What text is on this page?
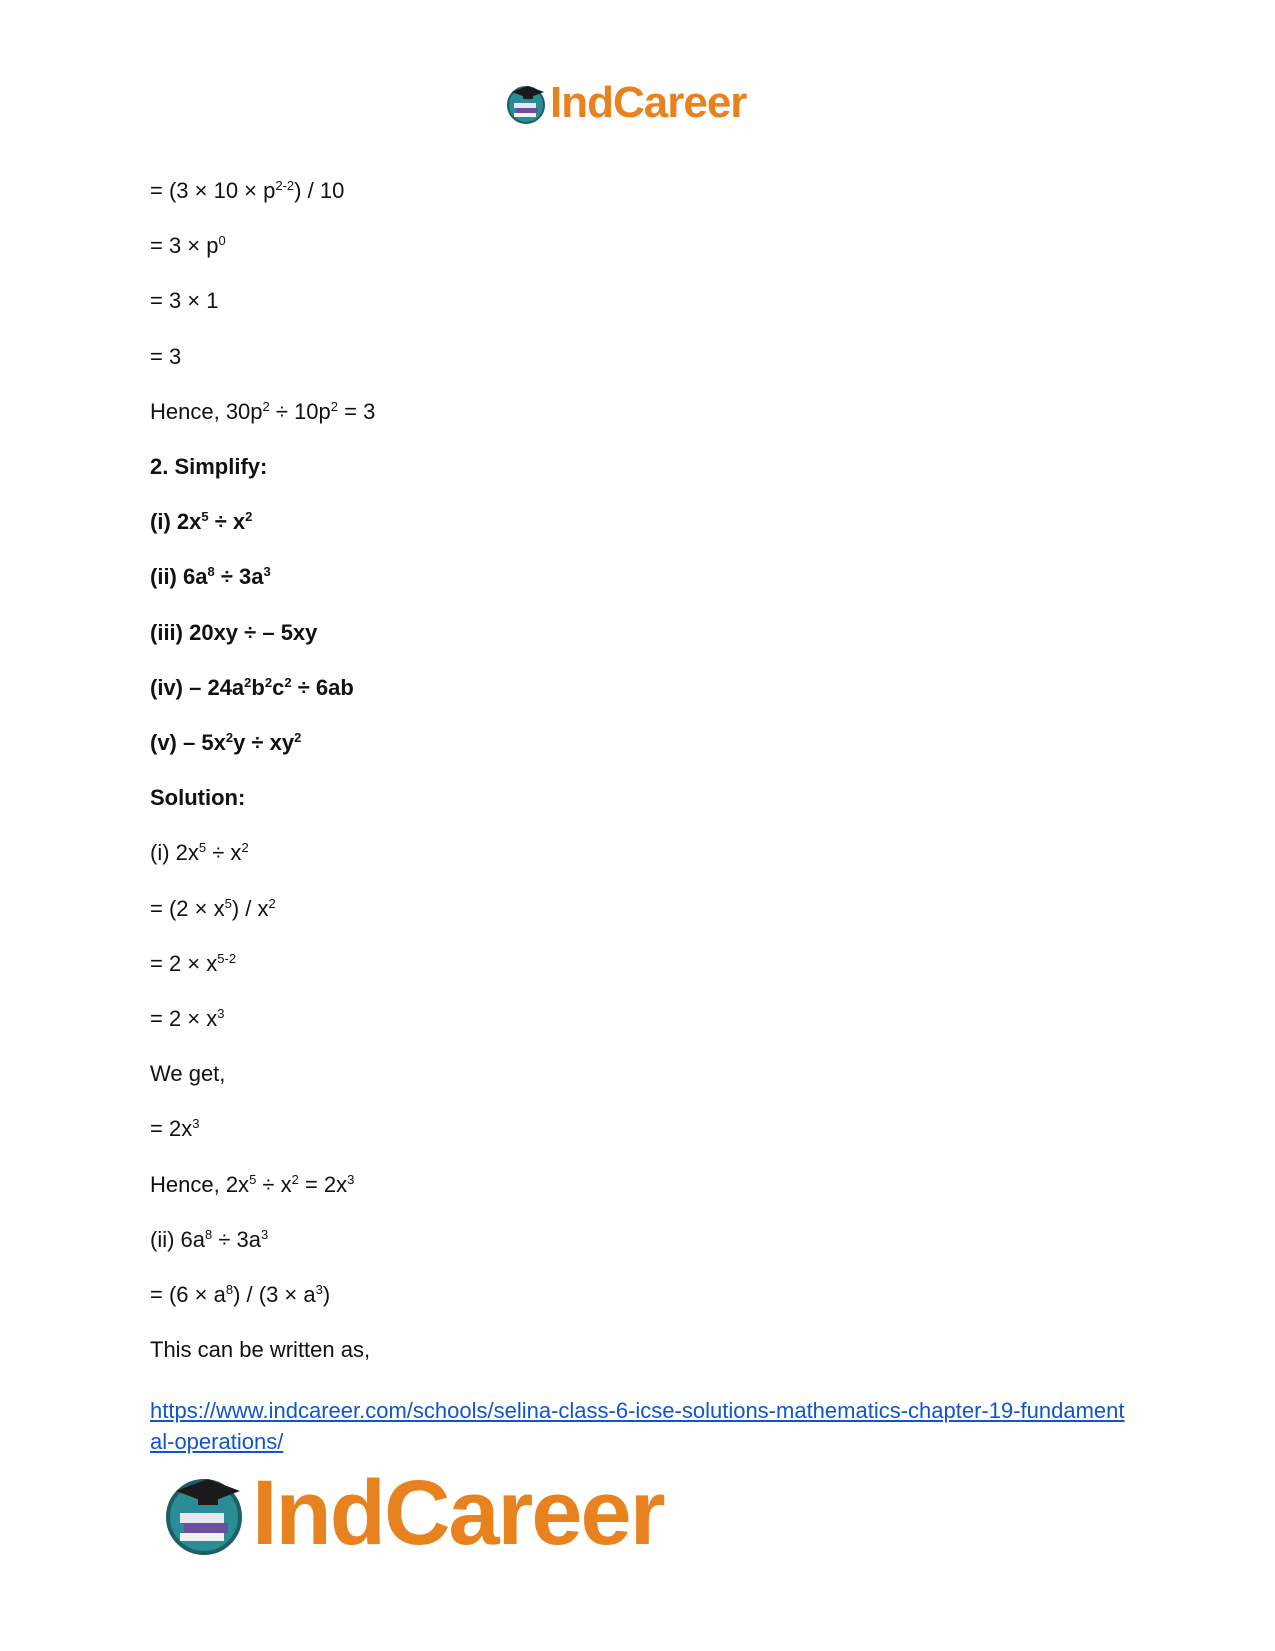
IndCareer
= $(3 \times 10 \times p^{2-2}) / 10$
= $3 \times p^0$
= 3 × 1
= 3
Hence, $30p^2 \div 10p^2 = 3$
2. Simplify:
(i) $2x^5 \div x^2$
(ii) $6a^8 \div 3a^3$
(iii) 20xy ÷ – 5xy
$(iv) - 24a^2b^2c^2 \div 6ab$
$(v) - 5x^2y \div xy^2$
Solution:
(i) $2x^5 \div x^2$
= $(2 \times x^5) / x^2$
= $2 \times x^{5-2}$
= $2 \times x^3$
We get,
= $2x^3$
Hence, $2x^5 \div x^2 = 2x^3$
(ii) $6a^8 \div 3a^3$
= $(6 \times a^8) / (3 \times a^3)$
This can be written as,
https://www.indcareer.com/schools/selina-class-6-icse-solutions-mathematics-chapter-19-fundamental-operations/
IndCareer
